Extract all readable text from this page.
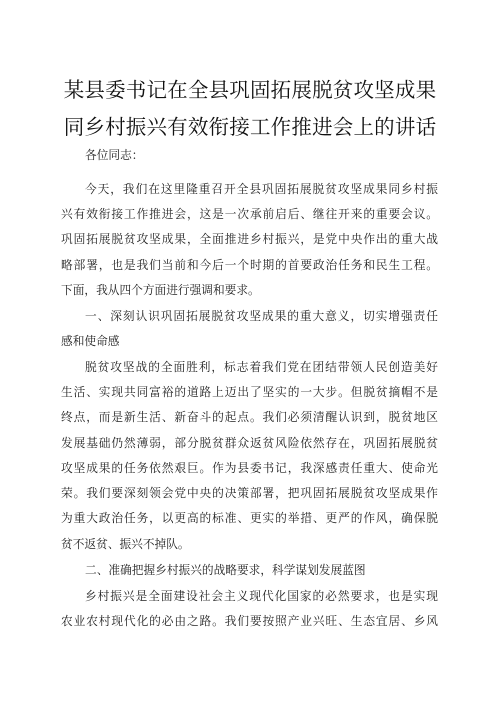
某县委书记在全县巩固拓展脱贫攻坚成果
同乡村振兴有效衔接工作推进会上的讲话
各位同志：
今天，我们在这里隆重召开全县巩固拓展脱贫攻坚成果同乡村振
兴有效衔接工作推进会，这是一次承前启后、继往开来的重要会议。
巩固拓展脱贫攻坚成果，全面推进乡村振兴，是党中央作出的重大战
略部署，也是我们当前和今后一个时期的首要政治任务和民生工程。
下面，我从四个方面进行强调和要求。
一、深刻认识巩固拓展脱贫攻坚成果的重大意义，切实增强责任
感和使命感
脱贫攻坚战的全面胜利，标志着我们党在团结带领人民创造美好
生活、实现共同富裕的道路上迈出了坚实的一大步。但脱贫摘帽不是
终点，而是新生活、新奋斗的起点。我们必须清醒认识到，脱贫地区
发展基础仍然薄弱，部分脱贫群众返贫风险依然存在，巩固拓展脱贫
攻坚成果的任务依然艰巨。作为县委书记，我深感责任重大、使命光
荣。我们要深刻领会党中央的决策部署，把巩固拓展脱贫攻坚成果作
为重大政治任务，以更高的标准、更实的举措、更严的作风，确保脱
贫不返贫、振兴不掉队。
二、准确把握乡村振兴的战略要求，科学谋划发展蓝图
乡村振兴是全面建设社会主义现代化国家的必然要求，也是实现
农业农村现代化的必由之路。我们要按照产业兴旺、生态宜居、乡风
